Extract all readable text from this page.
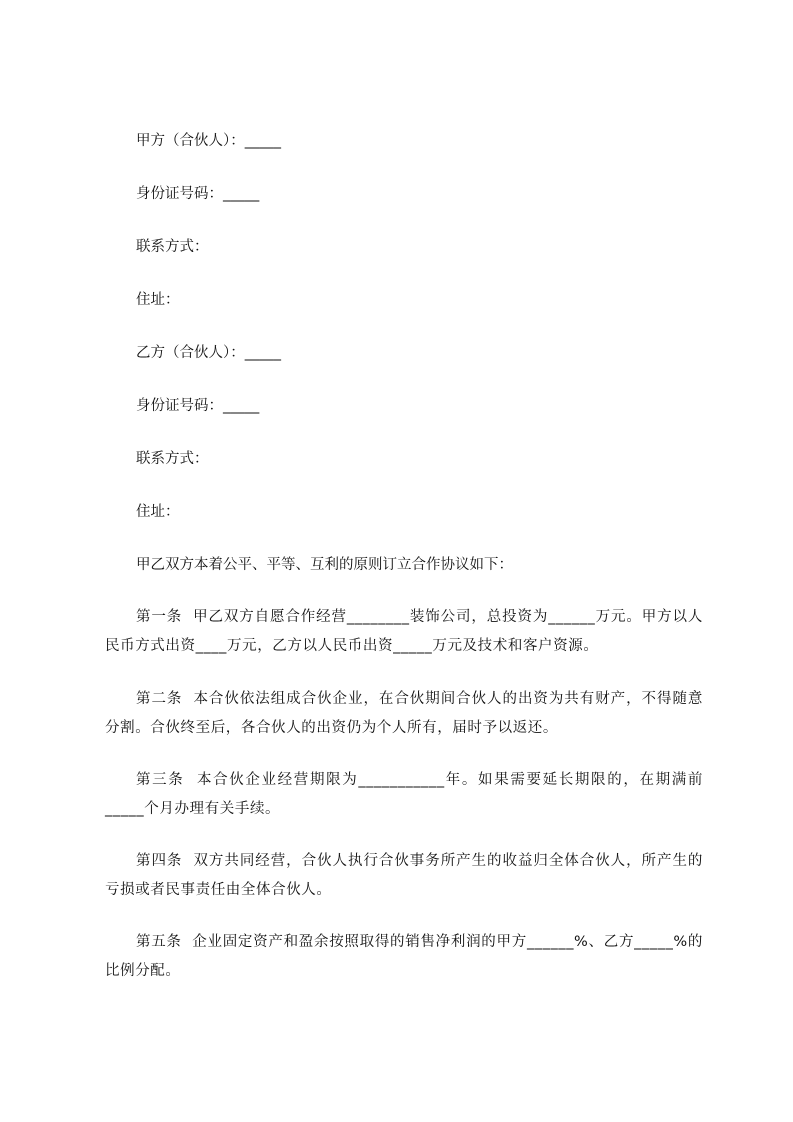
甲方（合伙人）：_____
身份证号码：_____
联系方式：
住址：
乙方（合伙人）：_____
身份证号码：_____
联系方式：
住址：
甲乙双方本着公平、平等、互利的原则订立合作协议如下：
第一条 甲乙双方自愿合作经营________装饰公司，总投资为______万元。甲方以人民币方式出资____万元，乙方以人民币出资_____万元及技术和客户资源。
第二条 本合伙依法组成合伙企业，在合伙期间合伙人的出资为共有财产，不得随意分割。合伙终至后，各合伙人的出资仍为个人所有，届时予以返还。
第三条 本合伙企业经营期限为___________年。如果需要延长期限的，在期满前_____个月办理有关手续。
第四条 双方共同经营，合伙人执行合伙事务所产生的收益归全体合伙人，所产生的亏损或者民事责任由全体合伙人。
第五条 企业固定资产和盈余按照取得的销售净利润的甲方______%、乙方_____%的比例分配。
